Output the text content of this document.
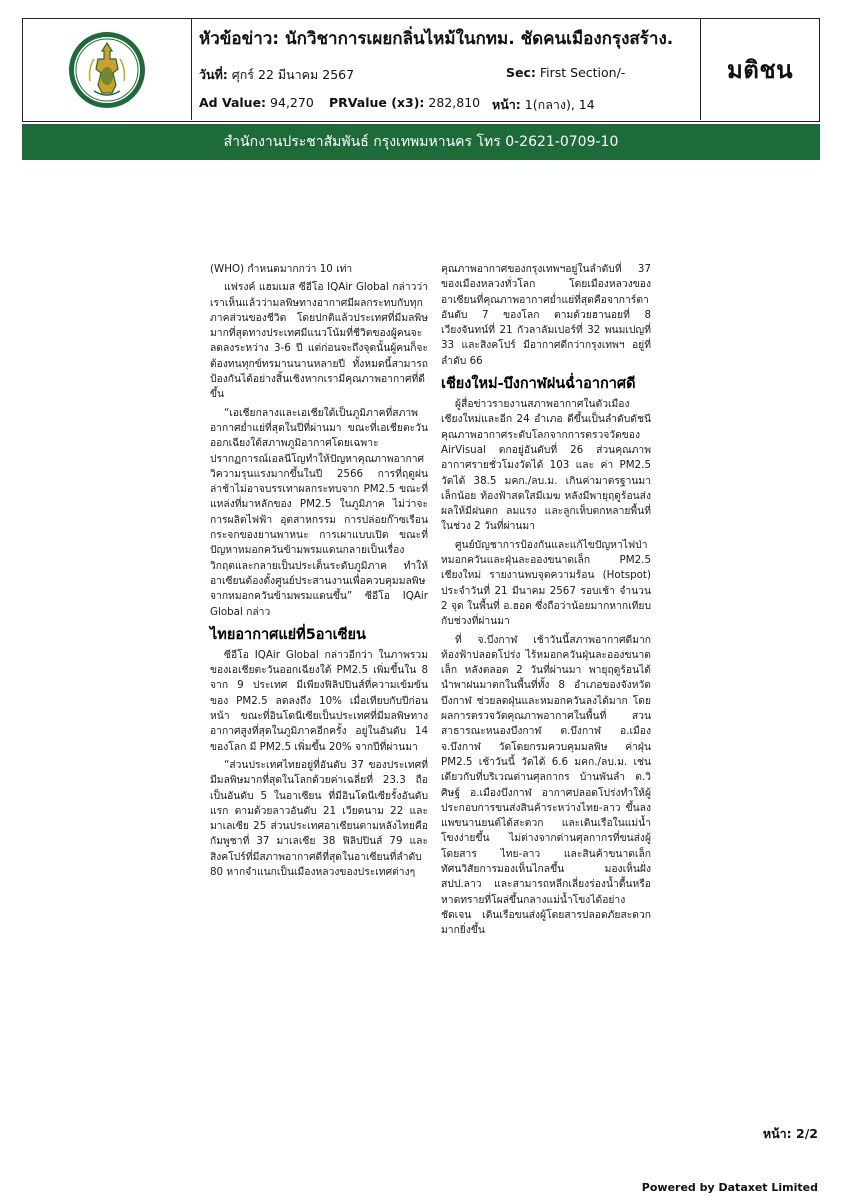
หัวข้อข่าว: นักวิชาการเผยกลิ่นไหม้ในกทม. ชัดคนเมืองกรุงสร้าง.
วันที่: ศุกร์ 22 มีนาคม 2567	Sec: First Section/-
Ad Value: 94,270 PRValue (x3): 282,810 หน้า: 1(กลาง), 14
มติชน
สำนักงานประชาสัมพันธ์ กรุงเทพมหานคร โทร 0-2621-0709-10

(WHO) กำหนดมากกว่า 10 เท่า

แฟรงค์ แฮมเมส ซีอีโอ IQAir Global กล่าวว่า เราเห็นแล้วว่ามลพิษทางอากาศมีผลกระทบกับทุกภาคส่วนของชีวิต โดยปกติแล้วประเทศที่มีมลพิษมากที่สุดทางประเทศมีแนวโน้มที่ชีวิตของผู้คนจะลดลงระหว่าง 3-6 ปี แต่ก่อนจะถึงจุดนั้นผู้คนก็จะต้องทนทุกข์ทรมานนานหลายปี ทั้งหมดนี้สามารถป้องกันได้อย่างสิ้นเชิงหากเรามีคุณภาพอากาศที่ดีขึ้น

“เอเชียกลางและเอเชียใต้เป็นภูมิภาคที่สภาพอากาศย่ำแย่ที่สุดในปีที่ผ่านมา ขณะที่เอเชียตะวันออกเฉียงใต้สภาพภูมิอากาศโดยเฉพาะปรากฏการณ์เอลนีโญทำให้ปัญหาคุณภาพอากาศวิความรุนแรงมากขึ้นในปี 2566 การที่ฤดูฝนล่าช้าไม่อาจบรรเทาผลกระทบจาก PM2.5 ขณะที่แหล่งที่มาหลักของ PM2.5 ในภูมิภาค ไม่ว่าจะการผลิตไฟฟ้า อุตสาหกรรม การปล่อยก๊าซเรือนกระจกของยานพาหนะ การเผาแบบเปิด ขณะที่ปัญหาหมอกควันข้ามพรมแดนกลายเป็นเรื่องวิกฤตและกลายเป็นประเด็นระดับภูมิภาค ทำให้อาเซียนต้องตั้งศูนย์ประสานงานเพื่อควบคุมมลพิษจากหมอกควันข้ามพรมแดนขึ้น” ซีอีโอ IQAir Global กล่าว

ไทยอากาศแย่ที่5อาเซียน

ซีอีโอ IQAir Global กล่าวอีกว่า ในภาพรวมของเอเชียตะวันออกเฉียงใต้ PM2.5 เพิ่มขึ้นใน 8 จาก 9 ประเทศ มีเพียงฟิลิปปินส์ที่ความเข้มข้นของ PM2.5 ลดลงถึง 10% เมื่อเทียบกับปีก่อนหน้า ขณะที่อินโดนีเซียเป็นประเทศที่มีมลพิษทางอากาศสูงที่สุดในภูมิภาคอีกครั้ง อยู่ในอันดับ 14 ของโลก มี PM2.5 เพิ่มขึ้น 20% จากปีที่ผ่านมา

“ส่วนประเทศไทยอยู่ที่อันดับ 37 ของประเทศที่มีมลพิษมากที่สุดในโลกด้วยค่าเฉลี่ยที่ 23.3 ถือเป็นอันดับ 5 ในอาเซียน ที่มีอินโดนีเซียรั้งอันดับแรก ตามด้วยลาวอันดับ 21 เวียดนาม 22 และมาเลเซีย 25 ส่วนประเทศอาเซียนตามหลังไทยคือ กัมพูชาที่ 37 มาเลเซีย 38 ฟิลิปปินส์ 79 และสิงคโปร์ที่มีสภาพอากาศดีที่สุดในอาเซียนที่ลำดับ 80 หากจำแนกเป็นเมืองหลวงของประเทศต่างๆ

คุณภาพอากาศของกรุงเทพฯอยู่ในลำดับที่ 37 ของเมืองหลวงทั่วโลก โดยเมืองหลวงของอาเซียนที่คุณภาพอากาศย่ำแย่ที่สุดคือจาการ์ตา อันดับ 7 ของโลก ตามด้วยฮานอยที่ 8 เวียงจันทน์ที่ 21 กัวลาลัมเปอร์ที่ 32 พนมเปญที่ 33 และสิงคโปร์ มีอากาศดีกว่ากรุงเทพฯ อยู่ที่ลำดับ 66

เชียงใหม่-บึงกาฬฝนฉ่ำอากาศดี

ผู้สื่อข่าวรายงานสภาพอากาศในตัวเมืองเชียงใหม่และอีก 24 อำเภอ ดีขึ้นเป็นลำดับดัชนีคุณภาพอากาศระดับโลกจากการตรวจวัดของ AirVisual ตกอยู่อันดับที่ 26 ส่วนคุณภาพอากาศรายชั่วโมงวัดได้ 103 และ ค่า PM2.5 วัดได้ 38.5 มคก./ลบ.ม. เกินค่ามาตรฐานมาเล็กน้อย ท้องฟ้าสดใสมีเมฆ หลังมีพายุฤดูร้อนส่งผลให้มีฝนตก ลมแรง และลูกเห็บตกหลายพื้นที่ในช่วง 2 วันที่ผ่านมา

ศูนย์บัญชาการป้องกันและแก้ไขปัญหาไฟป่าหมอกควันและฝุ่นละอองขนาดเล็ก PM2.5 เชียงใหม่ รายงานพบจุดความร้อน (Hotspot) ประจำวันที่ 21 มีนาคม 2567 รอบเช้า จำนวน 2 จุด ในพื้นที่ อ.ฮอด ซึ่งถือว่าน้อยมากหากเทียบกับช่วงที่ผ่านมา

ที่ จ.บึงกาฬ เช้าวันนี้สภาพอากาศดีมาก ท้องฟ้าปลอดโปร่ง ไร้หมอกควันฝุ่นละอองขนาดเล็ก หลังตลอด 2 วันที่ผ่านมา พายุฤดูร้อนได้นำพาฝนมาตกในพื้นที่ทั้ง 8 อำเภอของจังหวัดบึงกาฬ ช่วยลดฝุ่นและหมอกควันลงได้มาก โดยผลการตรวจวัดคุณภาพอากาศในพื้นที่ สวนสาธารณะหนองบึงกาฬ ต.บึงกาฬ อ.เมือง จ.บึงกาฬ วัดโดยกรมควบคุมมลพิษ ค่าฝุ่น PM2.5 เช้าวันนี้ วัดได้ 6.6 มคก./ลบ.ม. เช่นเดียวกับที่บริเวณด่านศุลกากร บ้านพันลำ ต.วิศิษฐ์ อ.เมืองบึงกาฬ อากาศปลอดโปร่งทำให้ผู้ประกอบการขนส่งสินค้าระหว่างไทย-ลาว ขึ้นลงแพขนานยนต์ได้สะดวก และเดินเรือในแม่น้ำโขงง่ายขึ้น ไม่ต่างจากด่านศุลกากรที่ขนส่งผู้โดยสาร ไทย-ลาว และสินค้าขนาดเล็ก ทัศนวิสัยการมองเห็นไกลขึ้น มองเห็นฝั่ง สปป.ลาว และสามารถหลีกเลี่ยงร่องน้ำตื้นหรือหาดทรายที่โผล่ขึ้นกลางแม่น้ำโขงได้อย่างชัดเจน เดินเรือขนส่งผู้โดยสารปลอดภัยสะดวกมากยิ่งขึ้น

หน้า: 2/2
Powered by Dataxet Limited
